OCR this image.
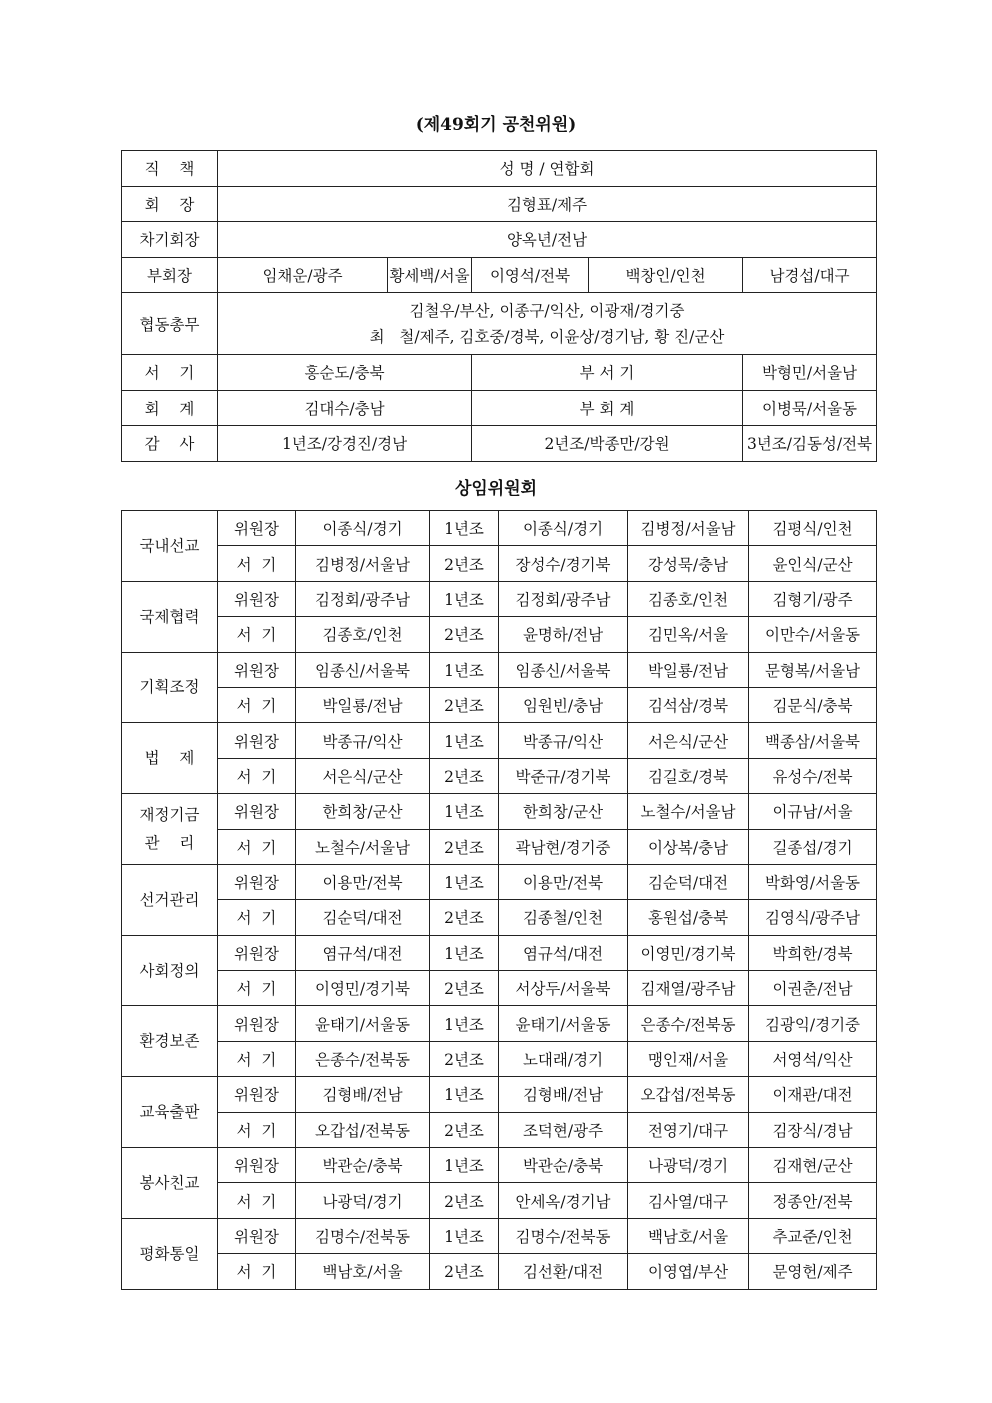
(제49회기 공천위원)
직    책	성 명 / 연합회				
회    장	김형표/제주				
차기회장	양옥년/전남				
부회장	임채운/광주	황세백/서울	이영석/전북	백창인/인천	남경섭/대구
협동총무	김철우/부산, 이종구/익산, 이광재/경기중
최   철/제주, 김호중/경북, 이윤상/경기남, 황 진/군산				

서    기	홍순도/충북		부 서 기		박형민/서울남
회    계	김대수/충남		부 회 계		이병묵/서울동
감    사	1년조/강경진/경남		2년조/박종만/강원		3년조/김동성/전북
상임위원회
국내선교	위원장	이종식/경기	1년조	이종식/경기	김병정/서울남	김평식/인천
	서  기	김병정/서울남	2년조	장성수/경기북	강성묵/충남	윤인식/군산
국제협력	위원장	김정회/광주남	1년조	김정회/광주남	김종호/인천	김형기/광주
	서  기	김종호/인천	2년조	윤명하/전남	김민옥/서울	이만수/서울동
기획조정	위원장	임종신/서울북	1년조	임종신/서울북	박일룡/전남	문형복/서울남
	서  기	박일룡/전남	2년조	임원빈/충남	김석삼/경북	김문식/충북
법    제	위원장	박종규/익산	1년조	박종규/익산	서은식/군산	백종삼/서울북
	서  기	서은식/군산	2년조	박준규/경기북	김길호/경북	유성수/전북
재정기금
관    리	위원장	한희창/군산	1년조	한희창/군산	노철수/서울남	이규남/서울
	서  기	노철수/서울남	2년조	곽남현/경기중	이상복/충남	길종섭/경기
선거관리	위원장	이용만/전북	1년조	이용만/전북	김순덕/대전	박화영/서울동
	서  기	김순덕/대전	2년조	김종철/인천	홍원섭/충북	김영식/광주남
사회정의	위원장	염규석/대전	1년조	염규석/대전	이영민/경기북	박희한/경북
	서  기	이영민/경기북	2년조	서상두/서울북	김재열/광주남	이권춘/전남
환경보존	위원장	윤태기/서울동	1년조	윤태기/서울동	은종수/전북동	김광익/경기중
	서  기	은종수/전북동	2년조	노대래/경기	맹인재/서울	서영석/익산
교육출판	위원장	김형배/전남	1년조	김형배/전남	오갑섭/전북동	이재관/대전
	서  기	오갑섭/전북동	2년조	조덕현/광주	전영기/대구	김장식/경남
봉사친교	위원장	박관순/충북	1년조	박관순/충북	나광덕/경기	김재현/군산
	서  기	나광덕/경기	2년조	안세옥/경기남	김사열/대구	정종안/전북
평화통일	위원장	김명수/전북동	1년조	김명수/전북동	백남호/서울	추교준/인천
	서  기	백남호/서울	2년조	김선환/대전	이영엽/부산	문영헌/제주
